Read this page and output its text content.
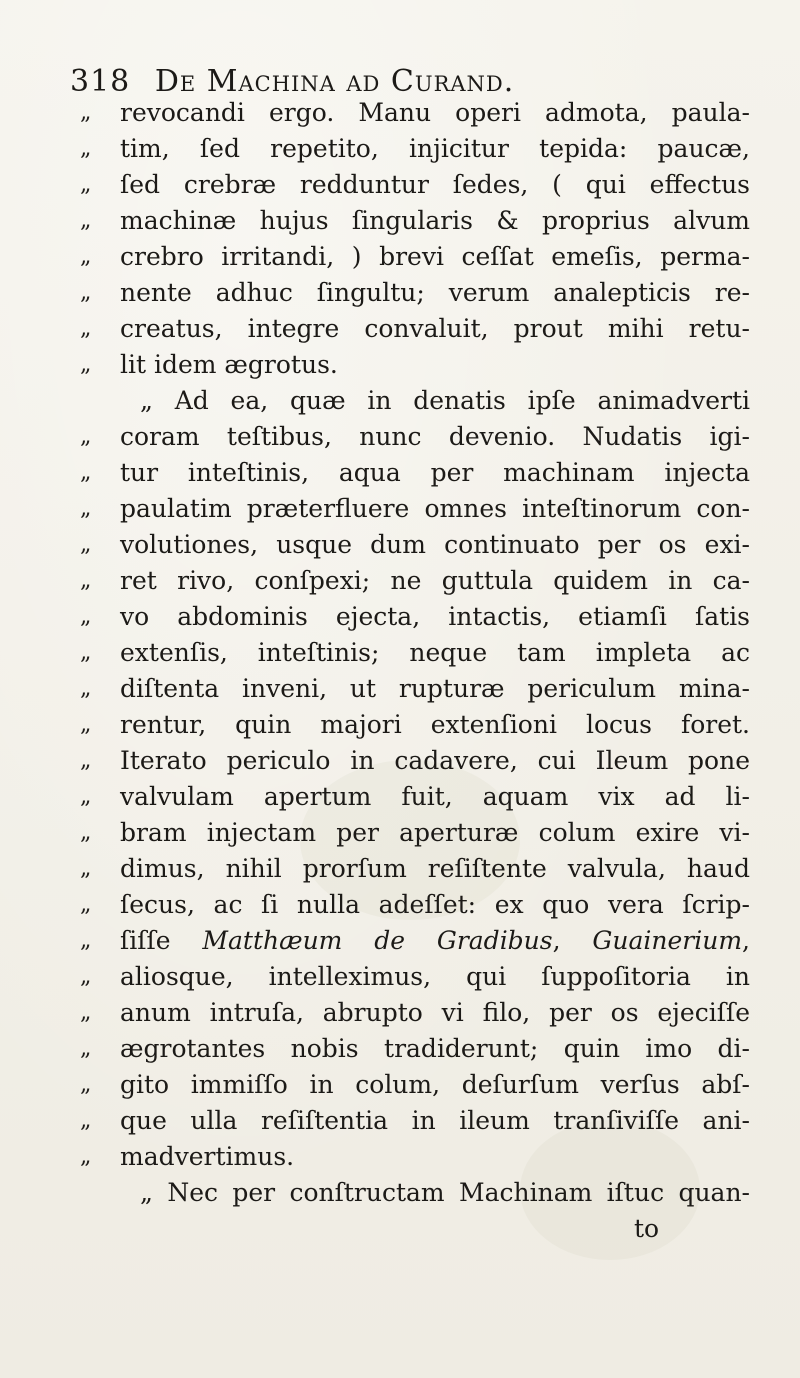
318 De Machina ad Curand.
„	revocandi ergo. Manu operi admota, paula-
„	tim, ſed repetito, injicitur tepida: paucæ,
„	ſed crebræ redduntur ſedes, ( qui effectus
„	machinæ hujus ſingularis & proprius alvum
„	crebro irritandi, ) brevi ceſſat emeſis, perma-
„	nente adhuc ſingultu; verum analepticis re-
„	creatus, integre convaluit, prout mihi retu-
„	lit idem ægrotus.
„ Ad ea, quæ in denatis ipſe animadverti
„	coram teſtibus, nunc devenio. Nudatis igi-
„	tur inteſtinis, aqua per machinam injecta
„	paulatim præterfluere omnes inteſtinorum con-
„	volutiones, usque dum continuato per os exi-
„	ret rivo, conſpexi; ne guttula quidem in ca-
„	vo abdominis ejecta, intactis, etiamſi ſatis
„	extenſis, inteſtinis; neque tam impleta ac
„	diſtenta inveni, ut rupturæ periculum mina-
„	rentur, quin majori extenſioni locus foret.
„	Iterato periculo in cadavere, cui Ileum pone
„	valvulam apertum fuit, aquam vix ad li-
„	bram injectam per aperturæ colum exire vi-
„	dimus, nihil prorſum reſiſtente valvula, haud
„	ſecus, ac ſi nulla adeſſet: ex quo vera ſcrip-
„	ſiſſe Matthæum de Gradibus, Guainerium,
„	aliosque, intelleximus, qui ſuppoſitoria in
„	anum intruſa, abrupto vi filo, per os ejeciſſe
„	ægrotantes nobis tradiderunt; quin imo di-
„	gito immiſſo in colum, deſurſum verſus abſ-
„	que ulla reſiſtentia in ileum tranſiviſſe ani-
„	madvertimus.
„ Nec per conſtructam Machinam iſtuc quan-
to
